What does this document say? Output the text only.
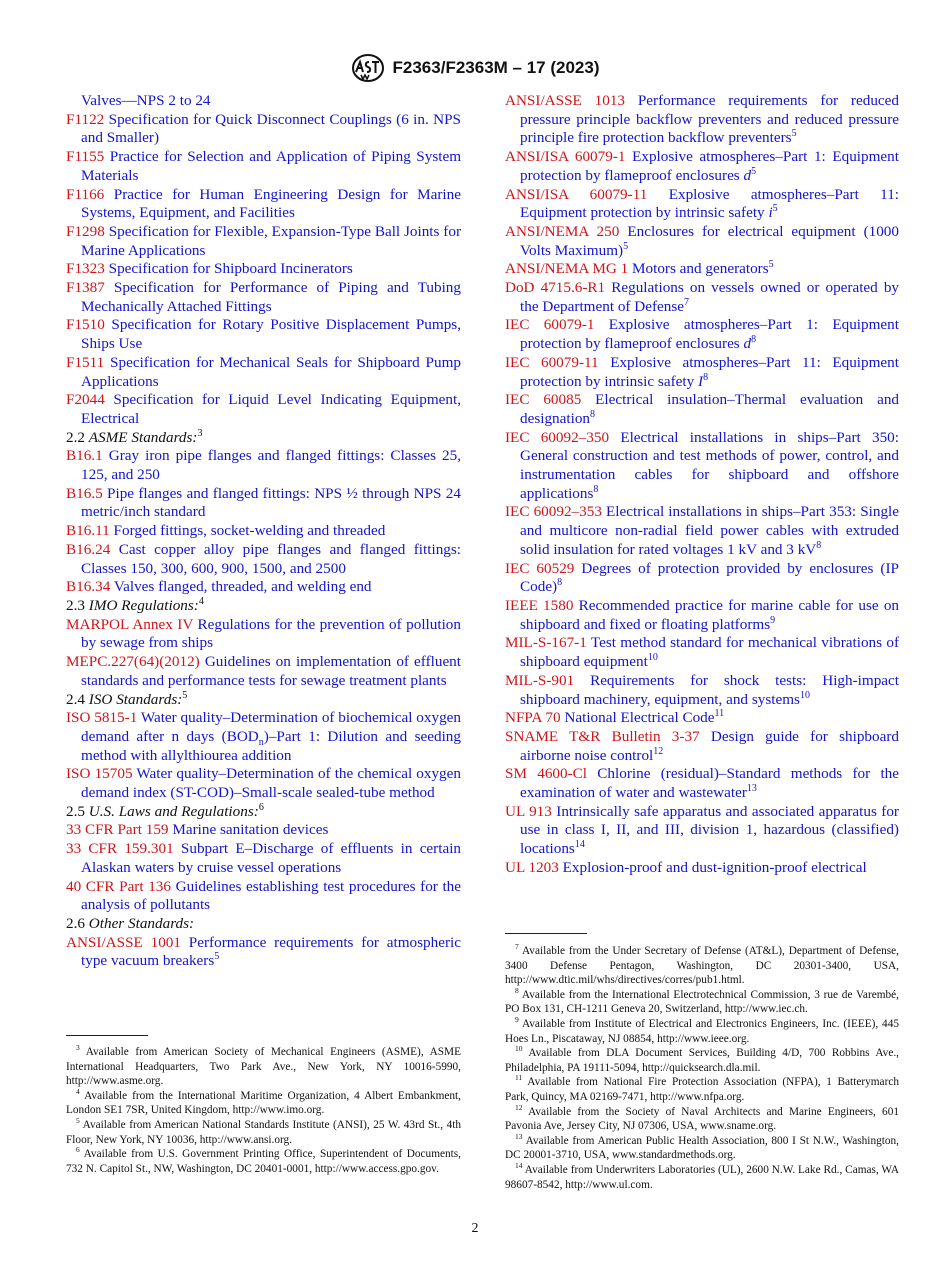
F2363/F2363M – 17 (2023)

Valves—NPS 2 to 24

F1122 Specification for Quick Disconnect Couplings (6 in. NPS and Smaller)

F1155 Practice for Selection and Application of Piping System Materials

F1166 Practice for Human Engineering Design for Marine Systems, Equipment, and Facilities

F1298 Specification for Flexible, Expansion-Type Ball Joints for Marine Applications

F1323 Specification for Shipboard Incinerators

F1387 Specification for Performance of Piping and Tubing Mechanically Attached Fittings

F1510 Specification for Rotary Positive Displacement Pumps, Ships Use

F1511 Specification for Mechanical Seals for Shipboard Pump Applications

F2044 Specification for Liquid Level Indicating Equipment, Electrical

2.2 ASME Standards:$^3$

B16.1 Gray iron pipe flanges and flanged fittings: Classes 25, 125, and 250

B16.5 Pipe flanges and flanged fittings: NPS ½ through NPS 24 metric/inch standard

B16.11 Forged fittings, socket-welding and threaded

B16.24 Cast copper alloy pipe flanges and flanged fittings: Classes 150, 300, 600, 900, 1500, and 2500

B16.34 Valves flanged, threaded, and welding end

2.3 IMO Regulations:$^4$

MARPOL Annex IV Regulations for the prevention of pollution by sewage from ships

MEPC.227(64)(2012) Guidelines on implementation of effluent standards and performance tests for sewage treatment plants

2.4 ISO Standards:$^5$

ISO 5815-1 Water quality–Determination of biochemical oxygen demand after n days $(BOD_n)$–Part 1: Dilution and seeding method with allylthiourea addition

ISO 15705 Water quality–Determination of the chemical oxygen demand index (ST-COD)–Small-scale sealed-tube method

2.5 U.S. Laws and Regulations:$^6$

33 CFR Part 159 Marine sanitation devices

33 CFR 159.301 Subpart E–Discharge of effluents in certain Alaskan waters by cruise vessel operations

40 CFR Part 136 Guidelines establishing test procedures for the analysis of pollutants

2.6 Other Standards:

ANSI/ASSE 1001 Performance requirements for atmospheric type vacuum breakers$^5$

ANSI/ASSE 1013 Performance requirements for reduced pressure principle backflow preventers and reduced pressure principle fire protection backflow preventers$^5$

ANSI/ISA 60079-1 Explosive atmospheres–Part 1: Equipment protection by flameproof enclosures $d^5$

ANSI/ISA 60079-11 Explosive atmospheres–Part 11: Equipment protection by intrinsic safety $i^5$

ANSI/NEMA 250 Enclosures for electrical equipment (1000 Volts Maximum)$^5$

ANSI/NEMA MG 1 Motors and generators$^5$

DoD 4715.6-R1 Regulations on vessels owned or operated by the Department of Defense$^7$

IEC 60079-1 Explosive atmospheres–Part 1: Equipment protection by flameproof enclosures $d^8$

IEC 60079-11 Explosive atmospheres–Part 11: Equipment protection by intrinsic safety $I^8$

IEC 60085 Electrical insulation–Thermal evaluation and designation$^8$

IEC 60092–350 Electrical installations in ships–Part 350: General construction and test methods of power, control, and instrumentation cables for shipboard and offshore applications$^8$

IEC 60092–353 Electrical installations in ships–Part 353: Single and multicore non-radial field power cables with extruded solid insulation for rated voltages 1 kV and 3 $kV^8$

IEC 60529 Degrees of protection provided by enclosures (IP Code)$^8$

IEEE 1580 Recommended practice for marine cable for use on shipboard and fixed or floating platforms$^9$

MIL-S-167-1 Test method standard for mechanical vibrations of shipboard equipment$^{10}$

MIL-S-901 Requirements for shock tests: High-impact shipboard machinery, equipment, and systems$^{10}$

NFPA 70 National Electrical Code$^{11}$

SNAME T&R Bulletin 3-37 Design guide for shipboard airborne noise control$^{12}$

SM 4600-Cl Chlorine (residual)–Standard methods for the examination of water and wastewater$^{13}$

UL 913 Intrinsically safe apparatus and associated apparatus for use in class I, II, and III, division 1, hazardous (classified) locations$^{14}$

UL 1203 Explosion-proof and dust-ignition-proof electrical

$^3$ Available from American Society of Mechanical Engineers (ASME), ASME International Headquarters, Two Park Ave., New York, NY 10016-5990, http://www.asme.org.

$^4$ Available from the International Maritime Organization, 4 Albert Embankment, London SE1 7SR, United Kingdom, http://www.imo.org.

$^5$ Available from American National Standards Institute (ANSI), 25 W. 43rd St., 4th Floor, New York, NY 10036, http://www.ansi.org.

$^6$ Available from U.S. Government Printing Office, Superintendent of Documents, 732 N. Capitol St., NW, Washington, DC 20401-0001, http://www.access.gpo.gov.

$^7$ Available from the Under Secretary of Defense (AT&L), Department of Defense, 3400 Defense Pentagon, Washington, DC 20301-3400, USA, http://www.dtic.mil/whs/directives/corres/pub1.html.

$^8$ Available from the International Electrotechnical Commission, 3 rue de Varembé, PO Box 131, CH-1211 Geneva 20, Switzerland, http://www.iec.ch.

$^9$ Available from Institute of Electrical and Electronics Engineers, Inc. (IEEE), 445 Hoes Ln., Piscataway, NJ 08854, http://www.ieee.org.

$^{10}$ Available from DLA Document Services, Building 4/D, 700 Robbins Ave., Philadelphia, PA 19111-5094, http://quicksearch.dla.mil.

$^{11}$ Available from National Fire Protection Association (NFPA), 1 Batterymarch Park, Quincy, MA 02169-7471, http://www.nfpa.org.

$^{12}$ Available from the Society of Naval Architects and Marine Engineers, 601 Pavonia Ave, Jersey City, NJ 07306, USA, www.sname.org.

$^{13}$ Available from American Public Health Association, 800 I St N.W., Washington, DC 20001-3710, USA, www.standardmethods.org.

$^{14}$ Available from Underwriters Laboratories (UL), 2600 N.W. Lake Rd., Camas, WA 98607-8542, http://www.ul.com.

2
